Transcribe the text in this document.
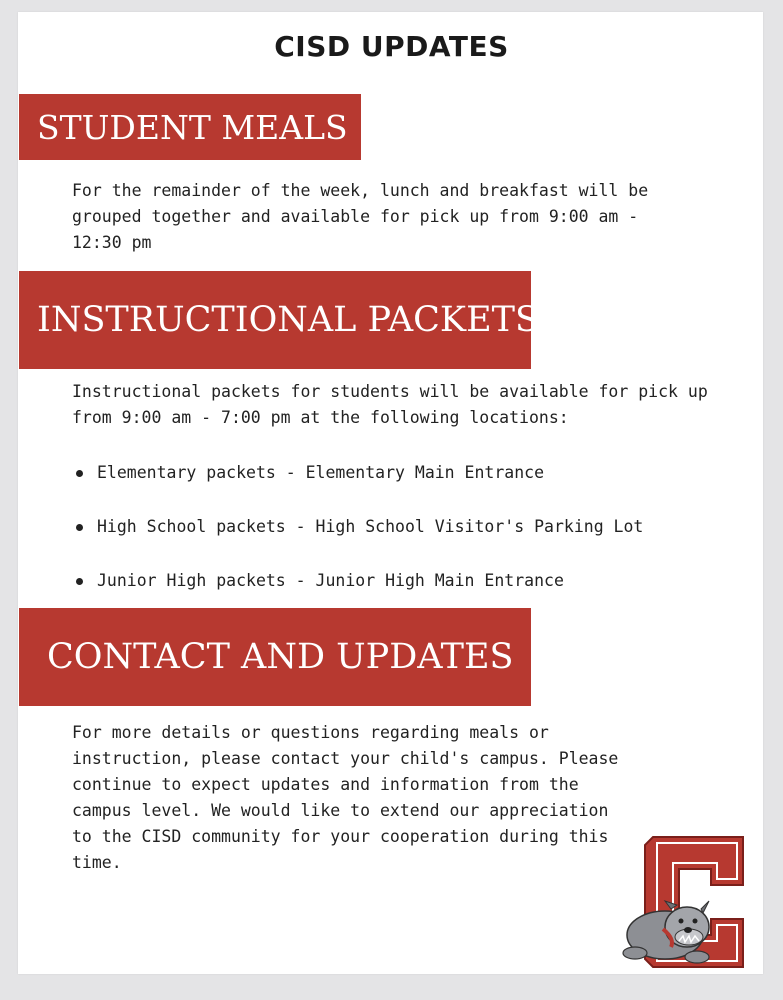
CISD UPDATES
STUDENT MEALS
For the remainder of the week, lunch and breakfast will be
grouped together and available for pick up from 9:00 am -
12:30 pm
INSTRUCTIONAL PACKETS
Instructional packets for students will be available for pick up
from 9:00 am - 7:00 pm at the following locations:
Elementary packets - Elementary Main Entrance
High School packets - High School Visitor's Parking Lot
Junior High packets - Junior High Main Entrance
CONTACT AND UPDATES
For more details or questions regarding meals or
instruction, please contact your child's campus. Please
continue to expect updates and information from the
campus level. We would like to extend our appreciation
to the CISD community for your cooperation during this
time.
